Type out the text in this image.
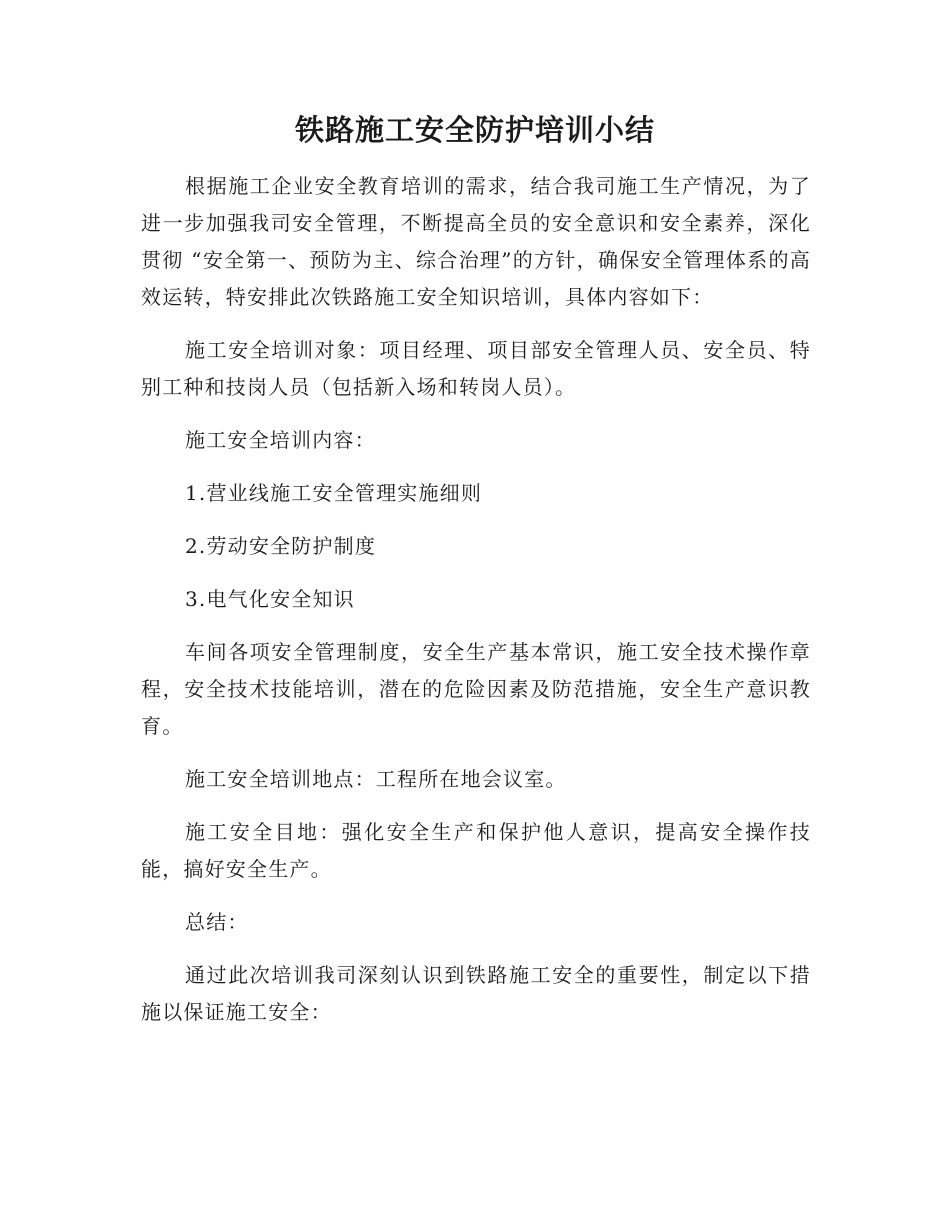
铁路施工安全防护培训小结

根据施工企业安全教育培训的需求，结合我司施工生产情况，为了进一步加强我司安全管理，不断提高全员的安全意识和安全素养，深化贯彻 “安全第一、预防为主、综合治理”的方针，确保安全管理体系的高效运转，特安排此次铁路施工安全知识培训，具体内容如下：

施工安全培训对象：项目经理、项目部安全管理人员、安全员、特别工种和技岗人员（包括新入场和转岗人员）。

施工安全培训内容：

1.营业线施工安全管理实施细则

2.劳动安全防护制度

3.电气化安全知识

车间各项安全管理制度，安全生产基本常识，施工安全技术操作章程，安全技术技能培训，潜在的危险因素及防范措施，安全生产意识教育。

施工安全培训地点：工程所在地会议室。

施工安全目地：强化安全生产和保护他人意识，提高安全操作技能，搞好安全生产。

总结：

通过此次培训我司深刻认识到铁路施工安全的重要性，制定以下措施以保证施工安全：
